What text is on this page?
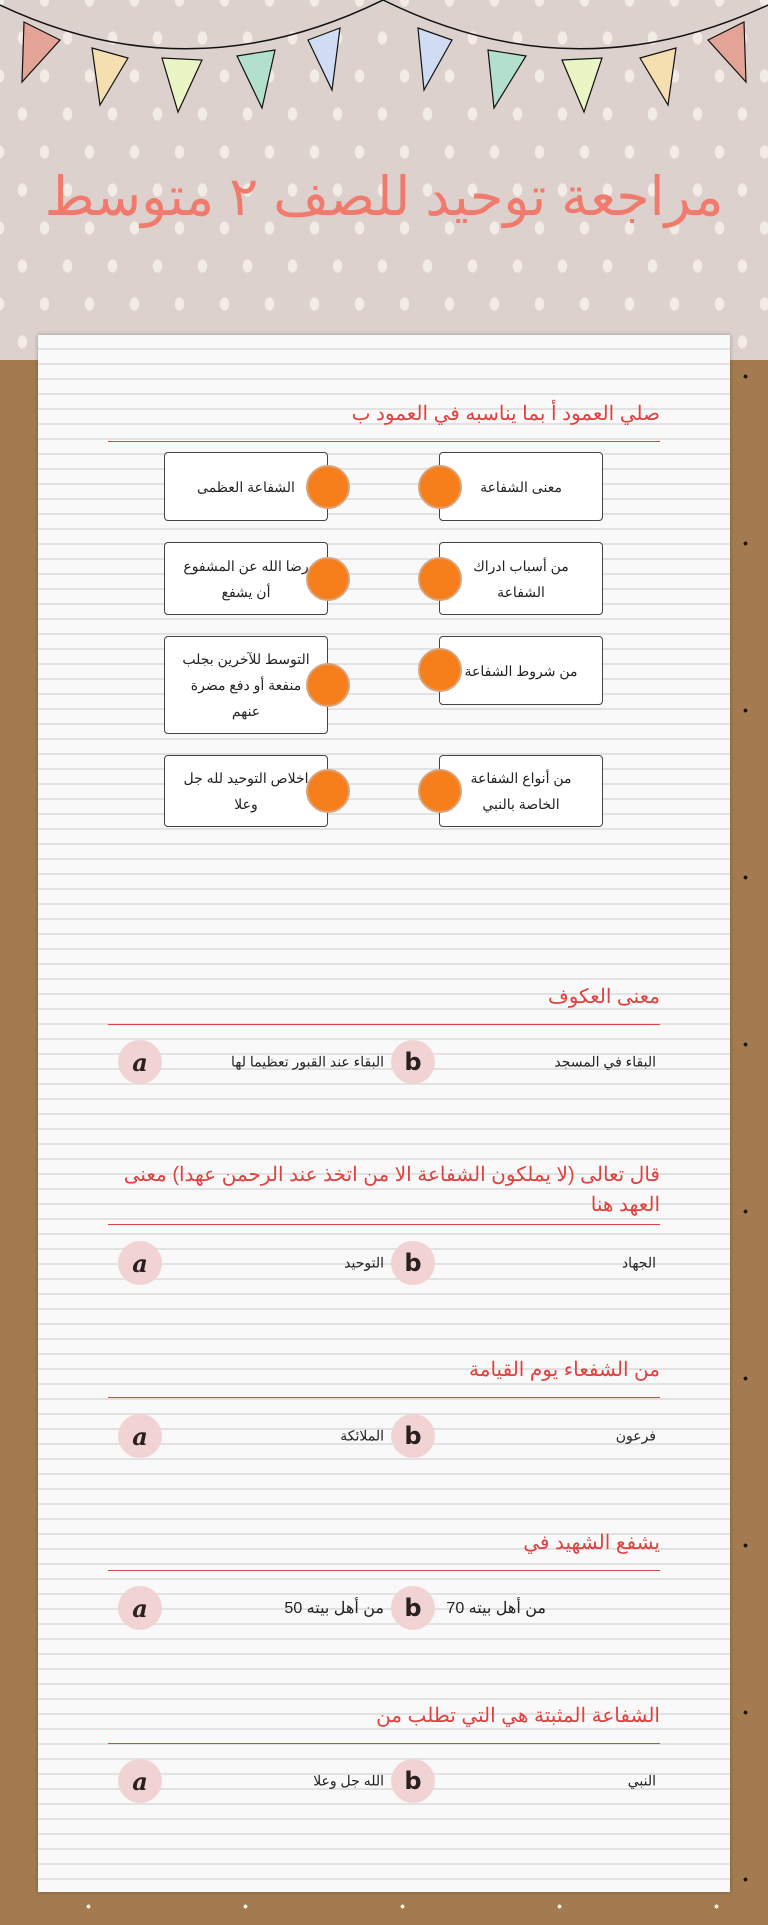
مراجعة توحيد للصف ٢ متوسط
صلي العمود أ بما يناسبه في العمود ب
معنى الشفاعة
من أسباب ادراك الشفاعة
من شروط الشفاعة
من أنواع الشفاعة الخاصة بالنبي
الشفاعة العظمى
رضا الله عن المشفوع أن يشفع
التوسط للآخرين بجلب منفعة أو دفع مضرة عنهم
اخلاص التوحيد لله جل وعلا
معنى العكوف
البقاء في المسجد
b
البقاء عند القبور تعظيما لها
a
قال تعالى (لا يملكون الشفاعة الا من اتخذ عند الرحمن عهدا) معنى العهد هنا
الجهاد
b
التوحيد
a
من الشفعاء يوم القيامة
فرعون
b
الملائكة
a
يشفع الشهيد في
من أهل بيته 70
b
من أهل بيته 50
a
الشفاعة المثبتة هي التي تطلب من
النبي
b
الله جل وعلا
a
